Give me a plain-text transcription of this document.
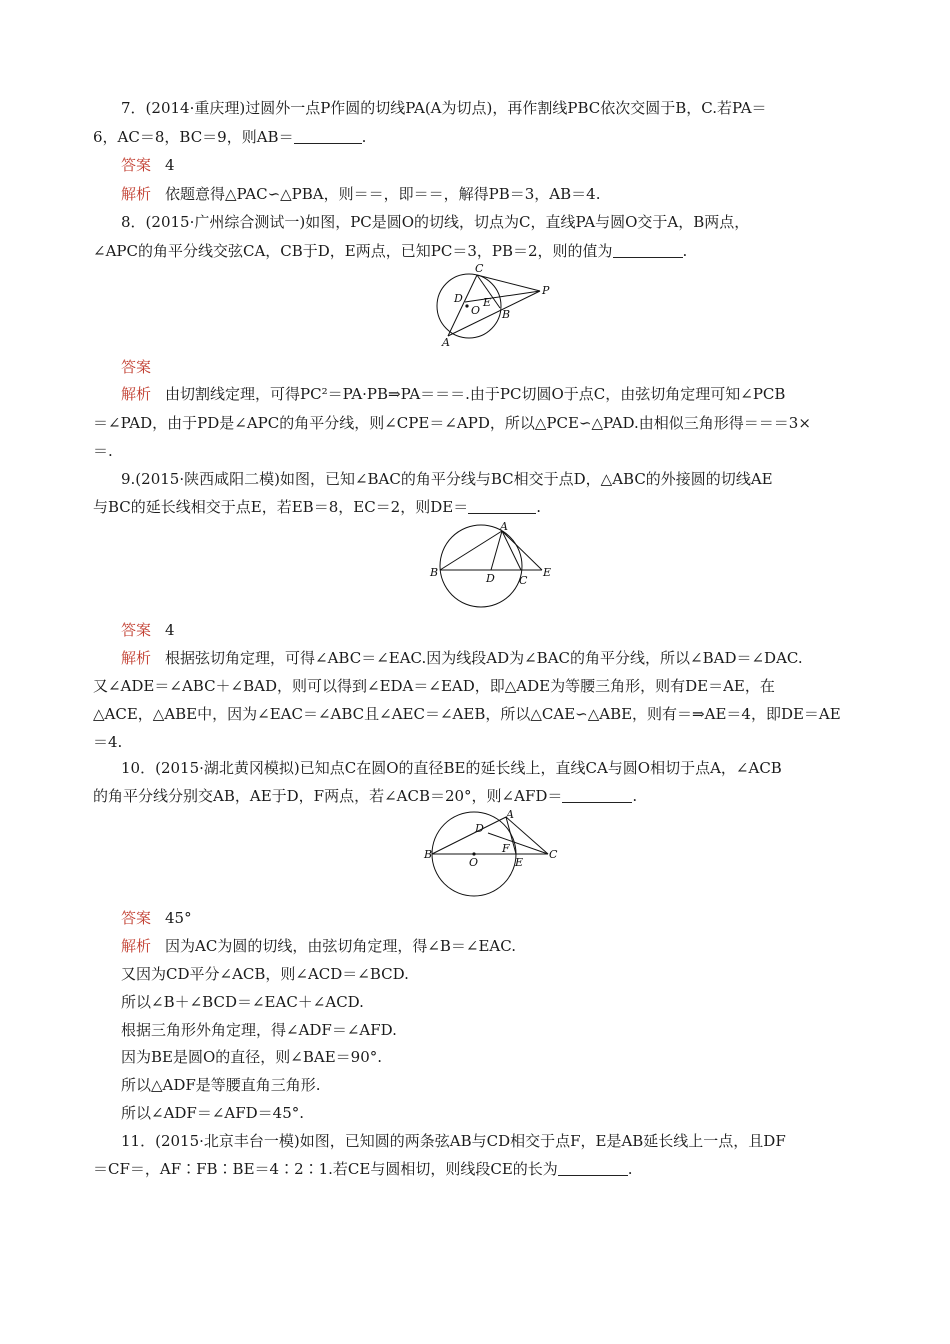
7．(2014·重庆理)过圆外一点P作圆的切线PA(A为切点)，再作割线PBC依次交圆于B，C.若PA＝
6，AC＝8，BC＝9，则AB＝	.
答案 4
解析 依题意得△PAC∽△PBA，则＝＝，即＝＝，解得PB＝3，AB＝4.
8．(2015·广州综合测试一)如图，PC是圆O的切线，切点为C，直线PA与圆O交于A，B两点，
∠APC的角平分线交弦CA，CB于D，E两点，已知PC＝3，PB＝2，则的值为	.
C
P
D E
O B
A
答案
解析 由切割线定理，可得PC²＝PA·PB⇒PA＝＝＝.由于PC切圆O于点C，由弦切角定理可知∠PCB
＝∠PAD，由于PD是∠APC的角平分线，则∠CPE＝∠APD，所以△PCE∽△PAD.由相似三角形得＝＝＝3×
＝.
9.(2015·陕西咸阳二模)如图，已知∠BAC的角平分线与BC相交于点D，△ABC的外接圆的切线AE
与BC的延长线相交于点E，若EB＝8，EC＝2，则DE＝	.
A
B	D C
E
答案 4
解析 根据弦切角定理，可得∠ABC＝∠EAC.因为线段AD为∠BAC的角平分线，所以∠BAD＝∠DAC.
又∠ADE＝∠ABC＋∠BAD，则可以得到∠EDA＝∠EAD，即△ADE为等腰三角形，则有DE＝AE，在
△ACE，△ABE中，因为∠EAC＝∠ABC且∠AEC＝∠AEB，所以△CAE∽△ABE，则有＝⇒AE＝4，即DE＝AE
＝4.
10．(2015·湖北黄冈模拟)已知点C在圆O的直径BE的延长线上，直线CA与圆O相切于点A，∠ACB
的角平分线分别交AB，AE于D，F两点，若∠ACB＝20°，则∠AFD＝	.
A
D
B
O
F
E
C
答案 45°
解析 因为AC为圆的切线，由弦切角定理，得∠B＝∠EAC.
又因为CD平分∠ACB，则∠ACD＝∠BCD.
所以∠B＋∠BCD＝∠EAC＋∠ACD.
根据三角形外角定理，得∠ADF＝∠AFD.
因为BE是圆O的直径，则∠BAE＝90°.
所以△ADF是等腰直角三角形.
所以∠ADF＝∠AFD＝45°.
11．(2015·北京丰台一模)如图，已知圆的两条弦AB与CD相交于点F，E是AB延长线上一点，且DF
＝CF＝，AF∶FB∶BE＝4∶2∶1.若CE与圆相切，则线段CE的长为	.
